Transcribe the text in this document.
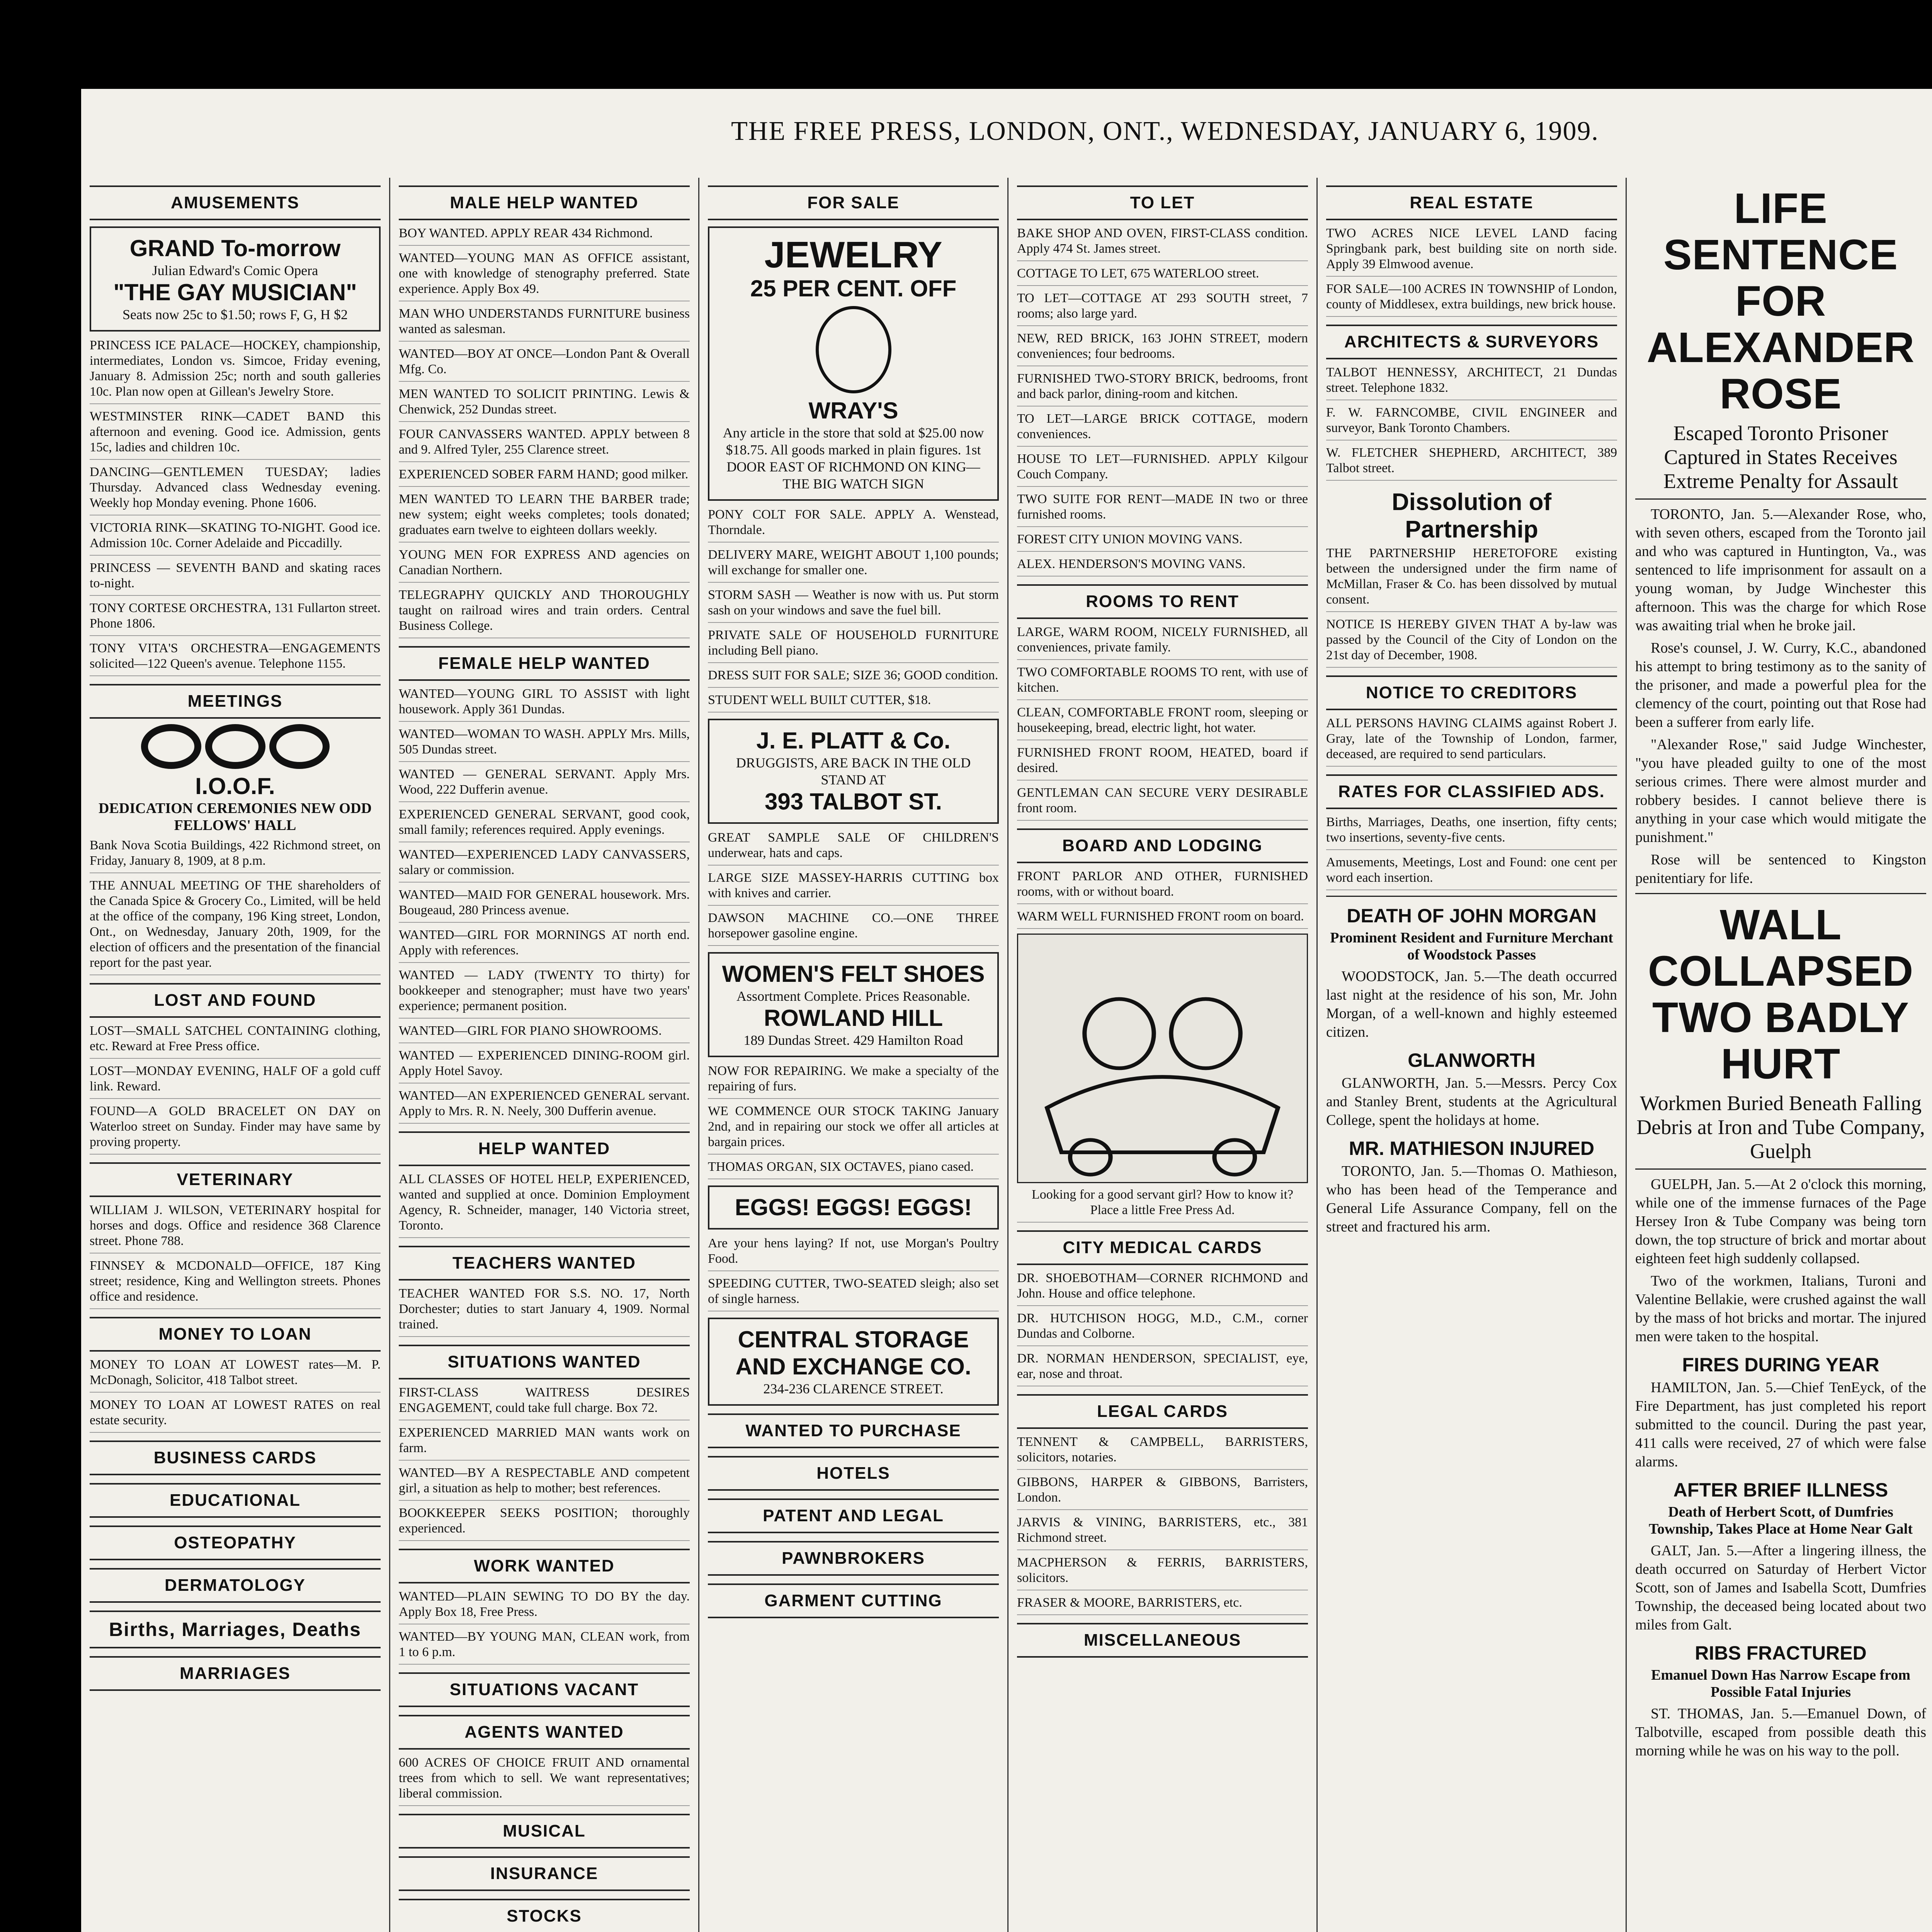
THE FREE PRESS, LONDON, ONT., WEDNESDAY, JANUARY 6, 1909.
AMUSEMENTS
GRAND To-morrow
Julian Edward's Comic Opera
"THE GAY MUSICIAN"
Seats now 25c to $1.50; rows F, G, H $2

PRINCESS ICE PALACE—HOCKEY, championship, intermediates, London vs. Simcoe, Friday evening, January 8. Admission 25c; north and south galleries 10c. Plan now open at Gillean's Jewelry Store.

WESTMINSTER RINK—CADET BAND this afternoon and evening. Good ice. Admission, gents 15c, ladies and children 10c.

DANCING—GENTLEMEN TUESDAY; ladies Thursday. Advanced class Wednesday evening. Weekly hop Monday evening. Phone 1606.

VICTORIA RINK—SKATING TO-NIGHT. Good ice. Admission 10c. Corner Adelaide and Piccadilly.

PRINCESS — SEVENTH BAND and skating races to-night.

TONY CORTESE ORCHESTRA, 131 Fullarton street. Phone 1806.

TONY VITA'S ORCHESTRA—ENGAGEMENTS solicited—122 Queen's avenue. Telephone 1155.

MEETINGS
I.O.O.F.
DEDICATION CEREMONIES NEW ODD FELLOWS' HALL

Bank Nova Scotia Buildings, 422 Richmond street, on Friday, January 8, 1909, at 8 p.m.

THE ANNUAL MEETING OF THE shareholders of the Canada Spice & Grocery Co., Limited, will be held at the office of the company, 196 King street, London, Ont., on Wednesday, January 20th, 1909, for the election of officers and the presentation of the financial report for the past year.

LOST AND FOUND

LOST—SMALL SATCHEL CONTAINING clothing, etc. Reward at Free Press office.

LOST—MONDAY EVENING, HALF OF a gold cuff link. Reward.

FOUND—A GOLD BRACELET ON DAY on Waterloo street on Sunday. Finder may have same by proving property.

VETERINARY

WILLIAM J. WILSON, VETERINARY hospital for horses and dogs. Office and residence 368 Clarence street. Phone 788.

FINNSEY & MCDONALD—OFFICE, 187 King street; residence, King and Wellington streets. Phones office and residence.

MONEY TO LOAN

MONEY TO LOAN AT LOWEST rates—M. P. McDonagh, Solicitor, 418 Talbot street.

MONEY TO LOAN AT LOWEST RATES on real estate security.

BUSINESS CARDS
EDUCATIONAL
OSTEOPATHY
DERMATOLOGY
Births, Marriages, Deaths
MARRIAGES
MALE HELP WANTED

BOY WANTED. APPLY REAR 434 Richmond.

WANTED—YOUNG MAN AS OFFICE assistant, one with knowledge of stenography preferred. State experience. Apply Box 49.

MAN WHO UNDERSTANDS FURNITURE business wanted as salesman.

WANTED—BOY AT ONCE—London Pant & Overall Mfg. Co.

MEN WANTED TO SOLICIT PRINTING. Lewis & Chenwick, 252 Dundas street.

FOUR CANVASSERS WANTED. APPLY between 8 and 9. Alfred Tyler, 255 Clarence street.

EXPERIENCED SOBER FARM HAND; good milker.

MEN WANTED TO LEARN THE BARBER trade; new system; eight weeks completes; tools donated; graduates earn twelve to eighteen dollars weekly.

YOUNG MEN FOR EXPRESS AND agencies on Canadian Northern.

TELEGRAPHY QUICKLY AND THOROUGHLY taught on railroad wires and train orders. Central Business College.

FEMALE HELP WANTED

WANTED—YOUNG GIRL TO ASSIST with light housework. Apply 361 Dundas.

WANTED—WOMAN TO WASH. APPLY Mrs. Mills, 505 Dundas street.

WANTED — GENERAL SERVANT. Apply Mrs. Wood, 222 Dufferin avenue.

EXPERIENCED GENERAL SERVANT, good cook, small family; references required. Apply evenings.

WANTED—EXPERIENCED LADY CANVASSERS, salary or commission.

WANTED—MAID FOR GENERAL housework. Mrs. Bougeaud, 280 Princess avenue.

WANTED—GIRL FOR MORNINGS AT north end. Apply with references.

WANTED — LADY (TWENTY TO thirty) for bookkeeper and stenographer; must have two years' experience; permanent position.

WANTED—GIRL FOR PIANO SHOWROOMS.

WANTED — EXPERIENCED DINING-ROOM girl. Apply Hotel Savoy.

WANTED—AN EXPERIENCED GENERAL servant. Apply to Mrs. R. N. Neely, 300 Dufferin avenue.

HELP WANTED

ALL CLASSES OF HOTEL HELP, EXPERIENCED, wanted and supplied at once. Dominion Employment Agency, R. Schneider, manager, 140 Victoria street, Toronto.

TEACHERS WANTED

TEACHER WANTED FOR S.S. NO. 17, North Dorchester; duties to start January 4, 1909. Normal trained.

SITUATIONS WANTED

FIRST-CLASS WAITRESS DESIRES ENGAGEMENT, could take full charge. Box 72.

EXPERIENCED MARRIED MAN wants work on farm.

WANTED—BY A RESPECTABLE AND competent girl, a situation as help to mother; best references.

BOOKKEEPER SEEKS POSITION; thoroughly experienced.

WORK WANTED

WANTED—PLAIN SEWING TO DO BY the day. Apply Box 18, Free Press.

WANTED—BY YOUNG MAN, CLEAN work, from 1 to 6 p.m.

SITUATIONS VACANT
AGENTS WANTED

600 ACRES OF CHOICE FRUIT AND ornamental trees from which to sell. We want representatives; liberal commission.

MUSICAL
INSURANCE
STOCKS
FOR SALE
JEWELRY
25 PER CENT. OFF
WRAY'S
Any article in the store that sold at $25.00 now $18.75. All goods marked in plain figures. 1st DOOR EAST OF RICHMOND ON KING—THE BIG WATCH SIGN

PONY COLT FOR SALE. APPLY A. Wenstead, Thorndale.

DELIVERY MARE, WEIGHT ABOUT 1,100 pounds; will exchange for smaller one.

STORM SASH — Weather is now with us. Put storm sash on your windows and save the fuel bill.

PRIVATE SALE OF HOUSEHOLD FURNITURE including Bell piano.

DRESS SUIT FOR SALE; SIZE 36; GOOD condition.

STUDENT WELL BUILT CUTTER, $18.

J. E. PLATT & Co.
DRUGGISTS, ARE BACK IN THE OLD STAND AT
393 TALBOT ST.

GREAT SAMPLE SALE OF CHILDREN'S underwear, hats and caps.

LARGE SIZE MASSEY-HARRIS CUTTING box with knives and carrier.

DAWSON MACHINE CO.—ONE THREE horsepower gasoline engine.

WOMEN'S FELT SHOES
Assortment Complete. Prices Reasonable.
ROWLAND HILL
189 Dundas Street. 429 Hamilton Road

NOW FOR REPAIRING. We make a specialty of the repairing of furs.

WE COMMENCE OUR STOCK TAKING January 2nd, and in repairing our stock we offer all articles at bargain prices.

THOMAS ORGAN, SIX OCTAVES, piano cased.

EGGS! EGGS! EGGS!

Are your hens laying? If not, use Morgan's Poultry Food.

SPEEDING CUTTER, TWO-SEATED sleigh; also set of single harness.

CENTRAL STORAGE AND EXCHANGE CO.
234-236 CLARENCE STREET.
WANTED TO PURCHASE
HOTELS
PATENT AND LEGAL
PAWNBROKERS
GARMENT CUTTING
TO LET

BAKE SHOP AND OVEN, FIRST-CLASS condition. Apply 474 St. James street.

COTTAGE TO LET, 675 WATERLOO street.

TO LET—COTTAGE AT 293 SOUTH street, 7 rooms; also large yard.

NEW, RED BRICK, 163 JOHN STREET, modern conveniences; four bedrooms.

FURNISHED TWO-STORY BRICK, bedrooms, front and back parlor, dining-room and kitchen.

TO LET—LARGE BRICK COTTAGE, modern conveniences.

HOUSE TO LET—FURNISHED. APPLY Kilgour Couch Company.

TWO SUITE FOR RENT—MADE IN two or three furnished rooms.

FOREST CITY UNION MOVING VANS.

ALEX. HENDERSON'S MOVING VANS.

ROOMS TO RENT

LARGE, WARM ROOM, NICELY FURNISHED, all conveniences, private family.

TWO COMFORTABLE ROOMS TO rent, with use of kitchen.

CLEAN, COMFORTABLE FRONT room, sleeping or housekeeping, bread, electric light, hot water.

FURNISHED FRONT ROOM, HEATED, board if desired.

GENTLEMAN CAN SECURE VERY DESIRABLE front room.

BOARD AND LODGING

FRONT PARLOR AND OTHER, FURNISHED rooms, with or without board.

WARM WELL FURNISHED FRONT room on board.

Looking for a good servant girl? How to know it? Place a little Free Press Ad.
CITY MEDICAL CARDS

DR. SHOEBOTHAM—CORNER RICHMOND and John. House and office telephone.

DR. HUTCHISON HOGG, M.D., C.M., corner Dundas and Colborne.

DR. NORMAN HENDERSON, SPECIALIST, eye, ear, nose and throat.

LEGAL CARDS

TENNENT & CAMPBELL, BARRISTERS, solicitors, notaries.

GIBBONS, HARPER & GIBBONS, Barristers, London.

JARVIS & VINING, BARRISTERS, etc., 381 Richmond street.

MACPHERSON & FERRIS, BARRISTERS, solicitors.

FRASER & MOORE, BARRISTERS, etc.

MISCELLANEOUS
REAL ESTATE

TWO ACRES NICE LEVEL LAND facing Springbank park, best building site on north side. Apply 39 Elmwood avenue.

FOR SALE—100 ACRES IN TOWNSHIP of London, county of Middlesex, extra buildings, new brick house.

ARCHITECTS & SURVEYORS

TALBOT HENNESSY, ARCHITECT, 21 Dundas street. Telephone 1832.

F. W. FARNCOMBE, CIVIL ENGINEER and surveyor, Bank Toronto Chambers.

W. FLETCHER SHEPHERD, ARCHITECT, 389 Talbot street.

Dissolution of Partnership

THE PARTNERSHIP HERETOFORE existing between the undersigned under the firm name of McMillan, Fraser & Co. has been dissolved by mutual consent.

NOTICE IS HEREBY GIVEN THAT A by-law was passed by the Council of the City of London on the 21st day of December, 1908.

NOTICE TO CREDITORS

ALL PERSONS HAVING CLAIMS against Robert J. Gray, late of the Township of London, farmer, deceased, are required to send particulars.

RATES FOR CLASSIFIED ADS.

Births, Marriages, Deaths, one insertion, fifty cents; two insertions, seventy-five cents.

Amusements, Meetings, Lost and Found: one cent per word each insertion.

DEATH OF JOHN MORGAN
Prominent Resident and Furniture Merchant of Woodstock Passes
WOODSTOCK, Jan. 5.—The death occurred last night at the residence of his son, Mr. John Morgan, of a well-known and highly esteemed citizen.
GLANWORTH
GLANWORTH, Jan. 5.—Messrs. Percy Cox and Stanley Brent, students at the Agricultural College, spent the holidays at home.
MR. MATHIESON INJURED
TORONTO, Jan. 5.—Thomas O. Mathieson, who has been head of the Temperance and General Life Assurance Company, fell on the street and fractured his arm.
LIFE SENTENCE FOR ALEXANDER ROSE
Escaped Toronto Prisoner Captured in States Receives Extreme Penalty for Assault

TORONTO, Jan. 5.—Alexander Rose, who, with seven others, escaped from the Toronto jail and who was captured in Huntington, Va., was sentenced to life imprisonment for assault on a young woman, by Judge Winchester this afternoon. This was the charge for which Rose was awaiting trial when he broke jail.

Rose's counsel, J. W. Curry, K.C., abandoned his attempt to bring testimony as to the sanity of the prisoner, and made a powerful plea for the clemency of the court, pointing out that Rose had been a sufferer from early life.

"Alexander Rose," said Judge Winchester, "you have pleaded guilty to one of the most serious crimes. There were almost murder and robbery besides. I cannot believe there is anything in your case which would mitigate the punishment."

Rose will be sentenced to Kingston penitentiary for life.

WALL COLLAPSED TWO BADLY HURT
Workmen Buried Beneath Falling Debris at Iron and Tube Company, Guelph

GUELPH, Jan. 5.—At 2 o'clock this morning, while one of the immense furnaces of the Page Hersey Iron & Tube Company was being torn down, the top structure of brick and mortar about eighteen feet high suddenly collapsed.

Two of the workmen, Italians, Turoni and Valentine Bellakie, were crushed against the wall by the mass of hot bricks and mortar. The injured men were taken to the hospital.

FIRES DURING YEAR
HAMILTON, Jan. 5.—Chief TenEyck, of the Fire Department, has just completed his report submitted to the council. During the past year, 411 calls were received, 27 of which were false alarms.
AFTER BRIEF ILLNESS
Death of Herbert Scott, of Dumfries Township, Takes Place at Home Near Galt
GALT, Jan. 5.—After a lingering illness, the death occurred on Saturday of Herbert Victor Scott, son of James and Isabella Scott, Dumfries Township, the deceased being located about two miles from Galt.
RIBS FRACTURED
Emanuel Down Has Narrow Escape from Possible Fatal Injuries
ST. THOMAS, Jan. 5.—Emanuel Down, of Talbotville, escaped from possible death this morning while he was on his way to the poll.
